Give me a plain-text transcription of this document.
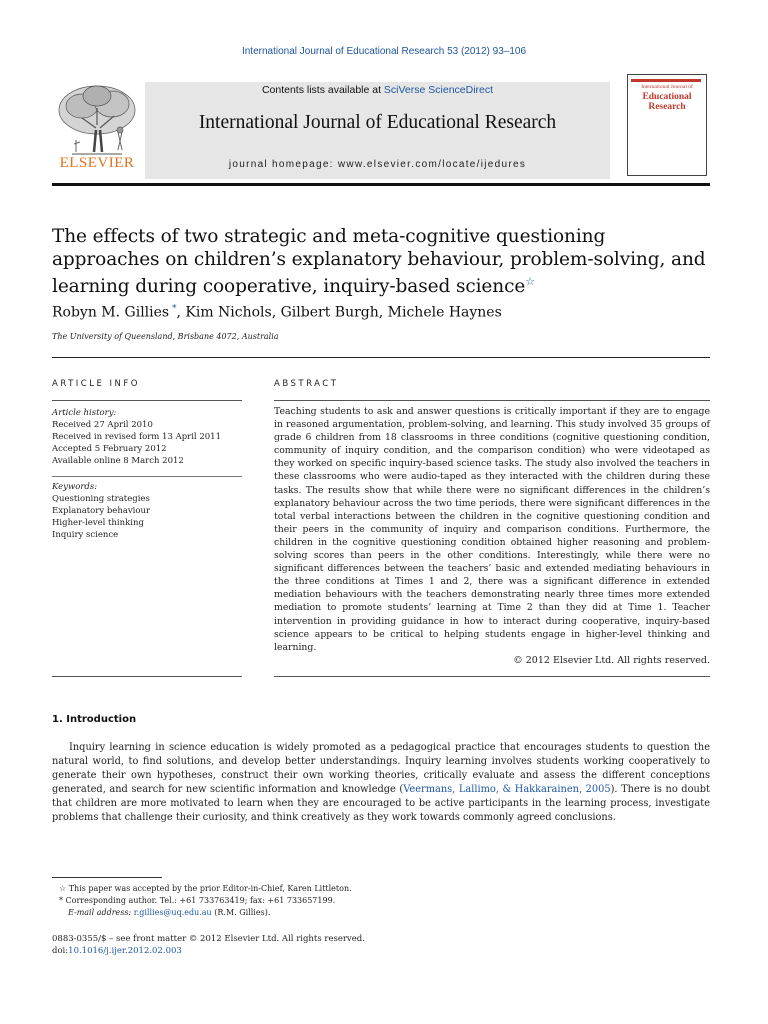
International Journal of Educational Research 53 (2012) 93–106
Contents lists available at SciVerse ScienceDirect
International Journal of Educational Research
journal homepage: www.elsevier.com/locate/ijedures
ELSEVIER
International Journal of
Educational
Research
The effects of two strategic and meta-cognitive questioning approaches on children’s explanatory behaviour, problem-solving, and learning during cooperative, inquiry-based science☆
Robyn M. Gillies *, Kim Nichols, Gilbert Burgh, Michele Haynes
The University of Queensland, Brisbane 4072, Australia
ARTICLE INFO
Article history:
Received 27 April 2010
Received in revised form 13 April 2011
Accepted 5 February 2012
Available online 8 March 2012
Keywords:
Questioning strategies
Explanatory behaviour
Higher-level thinking
Inquiry science
ABSTRACT
Teaching students to ask and answer questions is critically important if they are to engage in reasoned argumentation, problem-solving, and learning. This study involved 35 groups of grade 6 children from 18 classrooms in three conditions (cognitive questioning condition, community of inquiry condition, and the comparison condition) who were videotaped as they worked on specific inquiry-based science tasks. The study also involved the teachers in these classrooms who were audio-taped as they interacted with the children during these tasks. The results show that while there were no significant differences in the children’s explanatory behaviour across the two time periods, there were significant differences in the total verbal interactions between the children in the cognitive questioning condition and their peers in the community of inquiry and comparison conditions. Furthermore, the children in the cognitive questioning condition obtained higher reasoning and problem-solving scores than peers in the other conditions. Interestingly, while there were no significant differences between the teachers’ basic and extended mediating behaviours in the three conditions at Times 1 and 2, there was a significant difference in extended mediation behaviours with the teachers demonstrating nearly three times more extended mediation to promote students’ learning at Time 2 than they did at Time 1. Teacher intervention in providing guidance in how to interact during cooperative, inquiry-based science appears to be critical to helping students engage in higher-level thinking and learning.
© 2012 Elsevier Ltd. All rights reserved.
1. Introduction
Inquiry learning in science education is widely promoted as a pedagogical practice that encourages students to question the natural world, to find solutions, and develop better understandings. Inquiry learning involves students working cooperatively to generate their own hypotheses, construct their own working theories, critically evaluate and assess the different conceptions generated, and search for new scientific information and knowledge (Veermans, Lallimo, & Hakkarainen, 2005). There is no doubt that children are more motivated to learn when they are encouraged to be active participants in the learning process, investigate problems that challenge their curiosity, and think creatively as they work towards commonly agreed conclusions.
☆ This paper was accepted by the prior Editor-in-Chief, Karen Littleton.
* Corresponding author. Tel.: +61 733763419; fax: +61 733657199.
E-mail address: r.gillies@uq.edu.au (R.M. Gillies).
0883-0355/$ – see front matter © 2012 Elsevier Ltd. All rights reserved.
doi:10.1016/j.ijer.2012.02.003
